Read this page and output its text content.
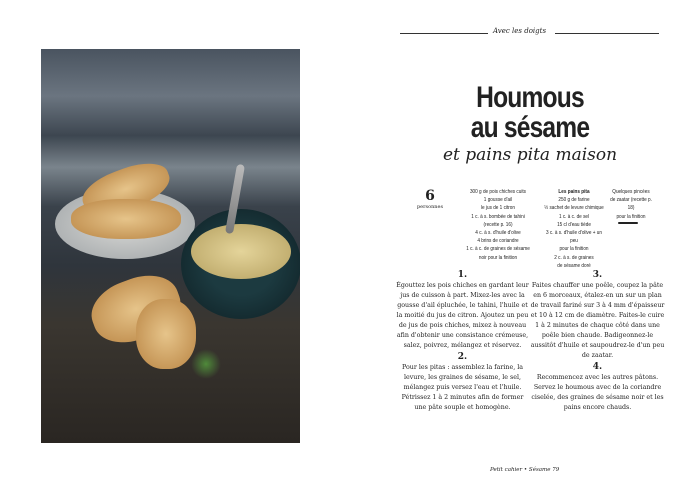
Avec les doigts
Houmous
au sésame
et pains pita maison
6
personnes
300 g de pois chiches cuits
1 gousse d'ail
le jus de 1 citron
1 c. à s. bombée de tahini
(recette p. 16)
4 c. à s. d'huile d'olive
4 brins de coriandre
1 c. à c. de graines de sésame
noir pour la finition
Les pains pita
250 g de farine
½ sachet de levure chimique
1 c. à c. de sel
15 cl d'eau tiède
3 c. à s. d'huile d'olive + un peu
pour la finition
2 c. à s. de graines
de sésame doré
Quelques pincées
de zaatar (recette p. 18)
pour la finition
1.
Égouttez les pois chiches en gardant leur jus de cuisson à part. Mixez-les avec la gousse d'ail épluchée, le tahini, l'huile et la moitié du jus de citron. Ajoutez un peu de jus de pois chiches, mixez à nouveau afin d'obtenir une consistance crémeuse, salez, poivrez, mélangez et réservez.
2.
Pour les pitas : assemblez la farine, la levure, les graines de sésame, le sel, mélangez puis versez l'eau et l'huile. Pétrissez 1 à 2 minutes afin de former une pâte souple et homogène.
3.
Faites chauffer une poêle, coupez la pâte en 6 morceaux, étalez-en un sur un plan de travail fariné sur 3 à 4 mm d'épaisseur et 10 à 12 cm de diamètre. Faites-le cuire 1 à 2 minutes de chaque côté dans une poêle bien chaude. Badigeonnez-le aussitôt d'huile et saupoudrez-le d'un peu de zaatar.
4.
Recommencez avec les autres pâtons. Servez le houmous avec de la coriandre ciselée, des graines de sésame noir et les pains encore chauds.
Petit cahier • Sésame 79
